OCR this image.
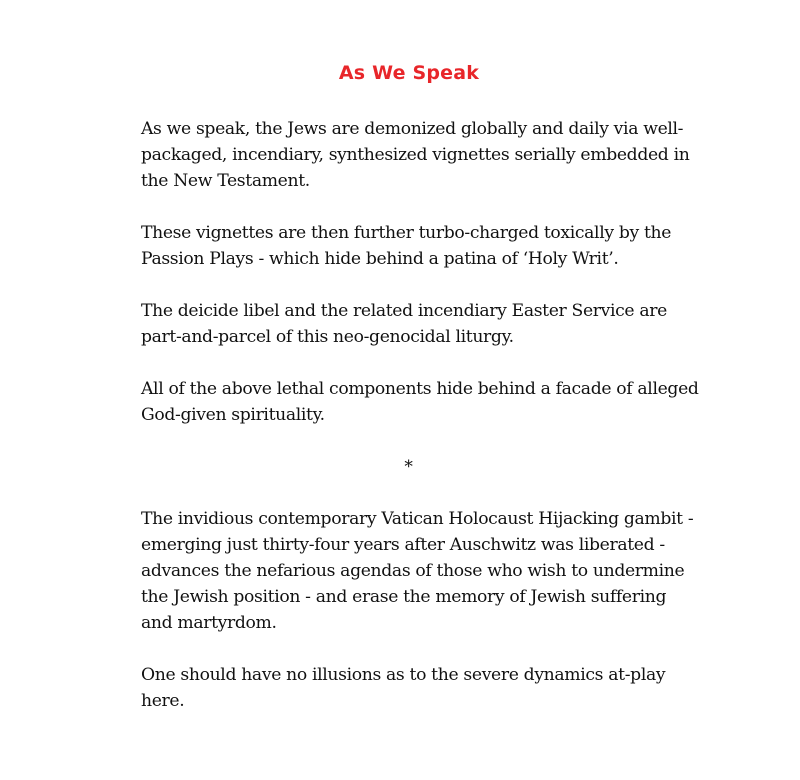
As We Speak

As we speak, the Jews are demonized globally and daily via well-packaged, incendiary, synthesized vignettes serially embedded in the New Testament.

These vignettes are then further turbo-charged toxically by the Passion Plays - which hide behind a patina of ‘Holy Writ’.

The deicide libel and the related incendiary Easter Service are part-and-parcel of this neo-genocidal liturgy.

All of the above lethal components hide behind a facade of alleged God-given spirituality.

*

The invidious contemporary Vatican Holocaust Hijacking gambit - emerging just thirty-four years after Auschwitz was liberated - advances the nefarious agendas of those who wish to undermine the Jewish position - and erase the memory of Jewish suffering and martyrdom.

One should have no illusions as to the severe dynamics at-play here.
